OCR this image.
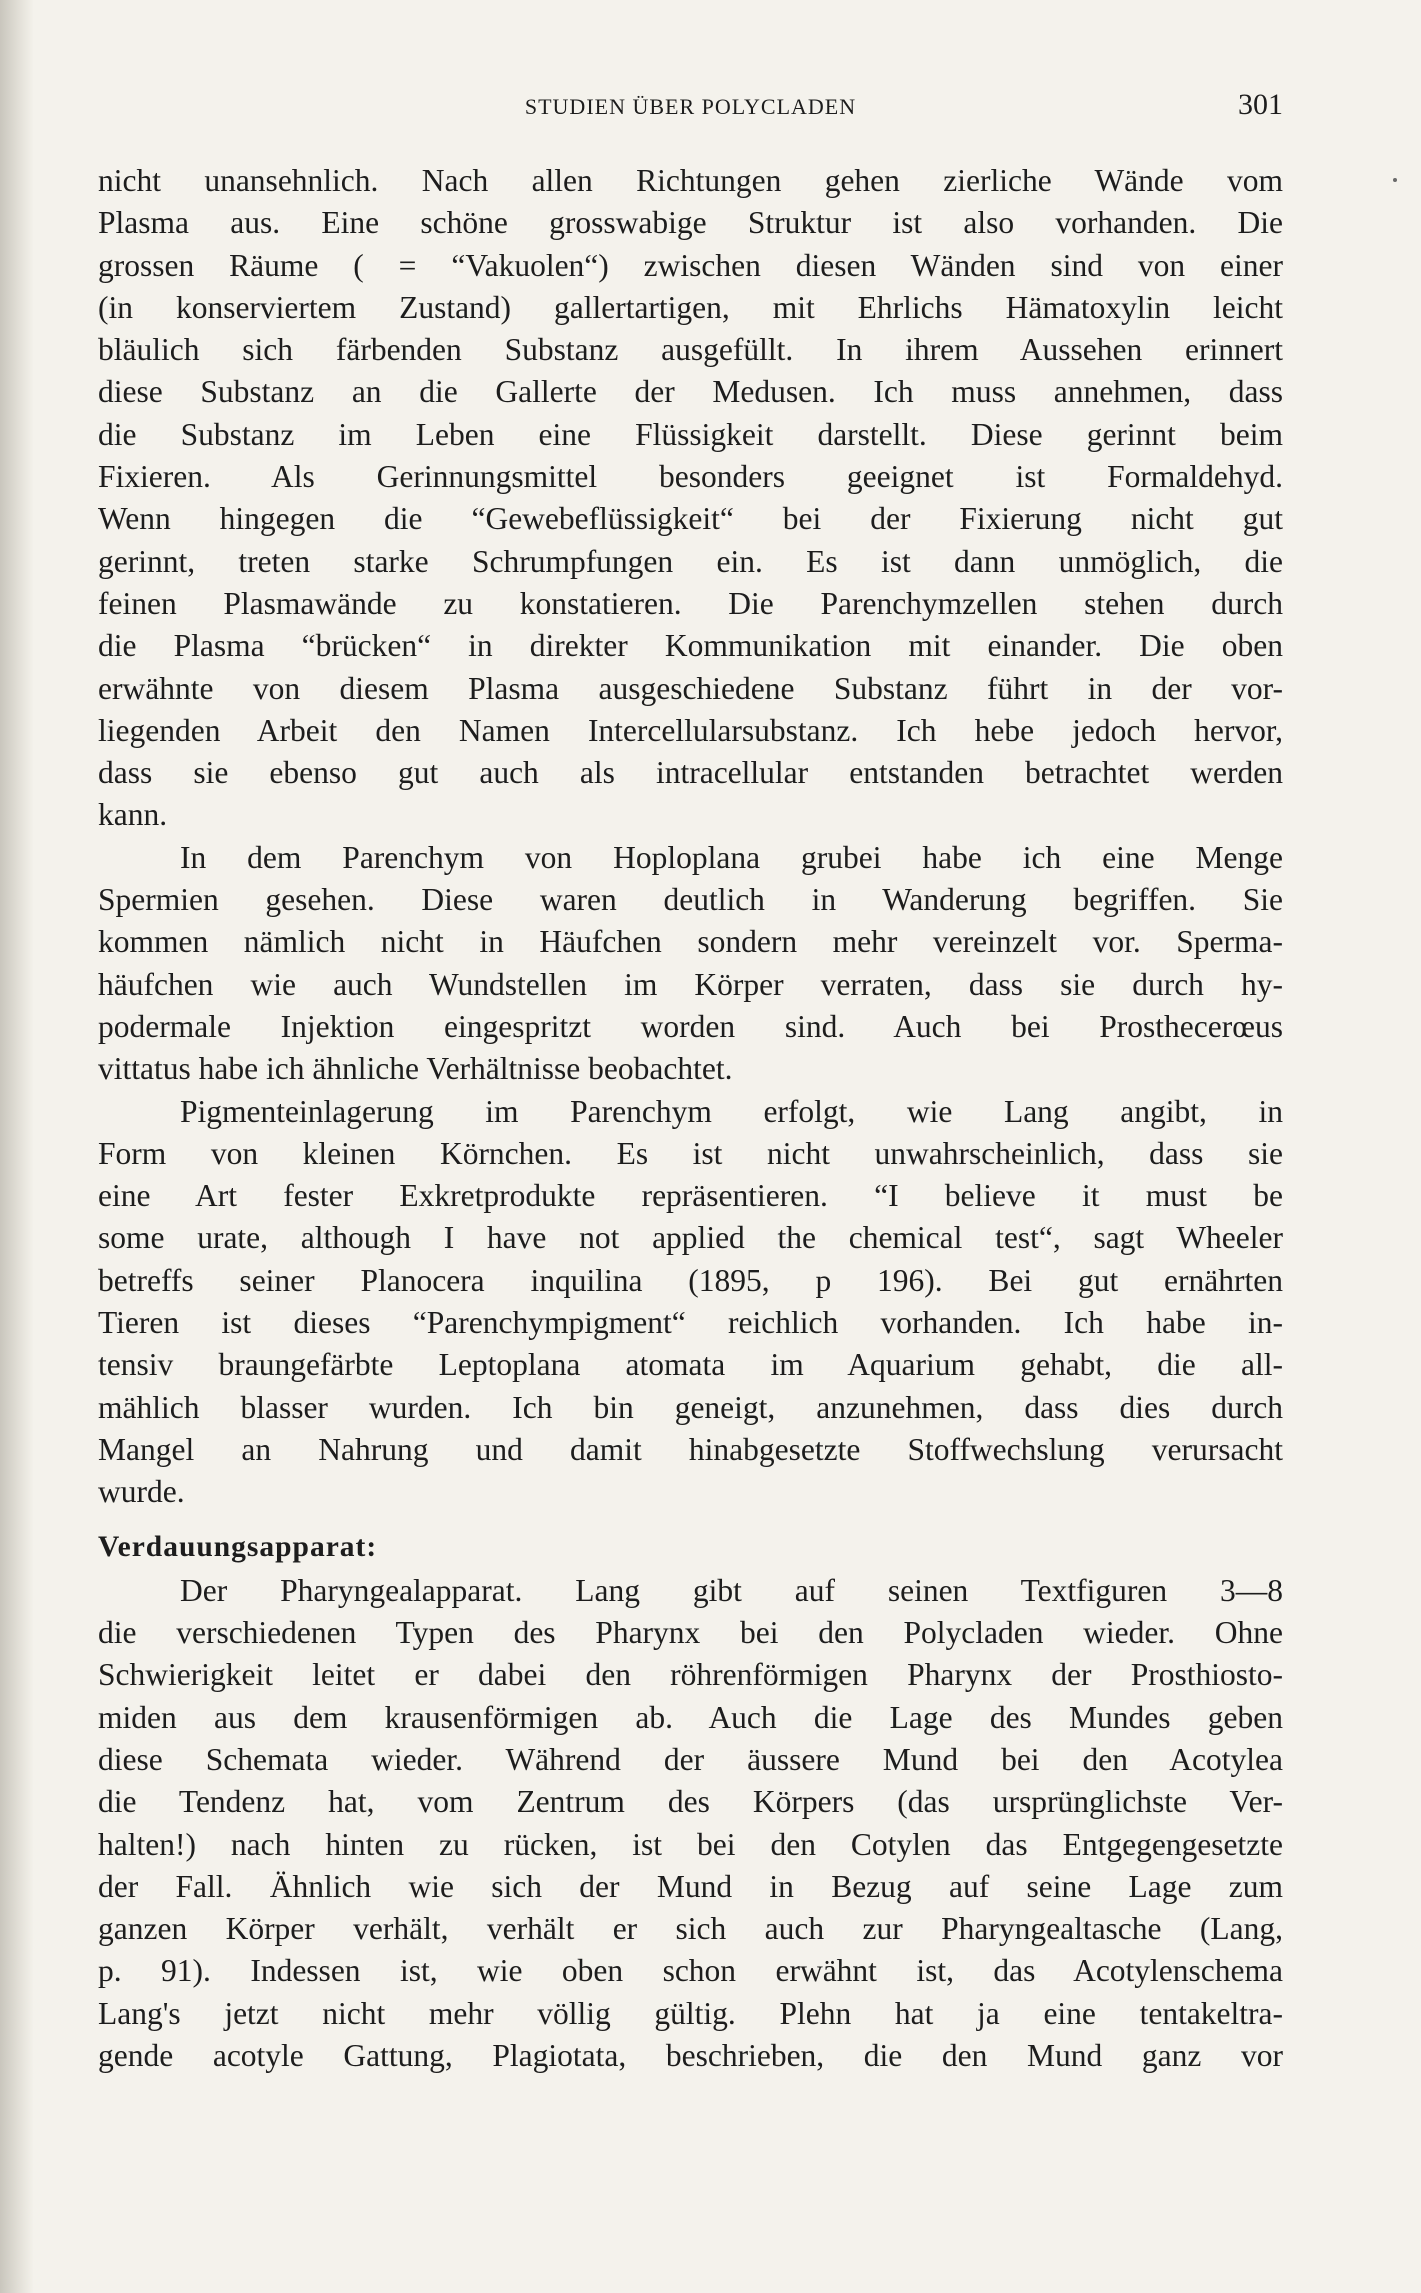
STUDIEN ÜBER POLYCLADEN	301
nicht unansehnlich. Nach allen Richtungen gehen zierliche Wände vom
Plasma aus. Eine schöne grosswabige Struktur ist also vorhanden. Die
grossen Räume ( = “Vakuolen“) zwischen diesen Wänden sind von einer
(in konserviertem Zustand) gallertartigen, mit Ehrlichs Hämatoxylin leicht
bläulich sich färbenden Substanz ausgefüllt. In ihrem Aussehen erinnert
diese Substanz an die Gallerte der Medusen. Ich muss annehmen, dass
die Substanz im Leben eine Flüssigkeit darstellt. Diese gerinnt beim
Fixieren. Als Gerinnungsmittel besonders geeignet ist Formaldehyd.
Wenn hingegen die “Gewebeflüssigkeit“ bei der Fixierung nicht gut
gerinnt, treten starke Schrumpfungen ein. Es ist dann unmöglich, die
feinen Plasmawände zu konstatieren. Die Parenchymzellen stehen durch
die Plasma “brücken“ in direkter Kommunikation mit einander. Die oben
erwähnte von diesem Plasma ausgeschiedene Substanz führt in der vor-
liegenden Arbeit den Namen Intercellularsubstanz. Ich hebe jedoch hervor,
dass sie ebenso gut auch als intracellular entstanden betrachtet werden
kann.
In dem Parenchym von Hoploplana grubei habe ich eine Menge
Spermien gesehen. Diese waren deutlich in Wanderung begriffen. Sie
kommen nämlich nicht in Häufchen sondern mehr vereinzelt vor. Sperma-
häufchen wie auch Wundstellen im Körper verraten, dass sie durch hy-
podermale Injektion eingespritzt worden sind. Auch bei Prosthecerœus
vittatus habe ich ähnliche Verhältnisse beobachtet.
Pigmenteinlagerung im Parenchym erfolgt, wie Lang angibt, in
Form von kleinen Körnchen. Es ist nicht unwahrscheinlich, dass sie
eine Art fester Exkretprodukte repräsentieren. “I believe it must be
some urate, although I have not applied the chemical test“, sagt Wheeler
betreffs seiner Planocera inquilina (1895, p 196). Bei gut ernährten
Tieren ist dieses “Parenchympigment“ reichlich vorhanden. Ich habe in-
tensiv braungefärbte Leptoplana atomata im Aquarium gehabt, die all-
mählich blasser wurden. Ich bin geneigt, anzunehmen, dass dies durch
Mangel an Nahrung und damit hinabgesetzte Stoffwechslung verursacht
wurde.
Verdauungsapparat:
Der Pharyngealapparat. Lang gibt auf seinen Textfiguren 3—8
die verschiedenen Typen des Pharynx bei den Polycladen wieder. Ohne
Schwierigkeit leitet er dabei den röhrenförmigen Pharynx der Prosthiosto-
miden aus dem krausenförmigen ab. Auch die Lage des Mundes geben
diese Schemata wieder. Während der äussere Mund bei den Acotylea
die Tendenz hat, vom Zentrum des Körpers (das ursprünglichste Ver-
halten!) nach hinten zu rücken, ist bei den Cotylen das Entgegengesetzte
der Fall. Ähnlich wie sich der Mund in Bezug auf seine Lage zum
ganzen Körper verhält, verhält er sich auch zur Pharyngealtasche (Lang,
p. 91). Indessen ist, wie oben schon erwähnt ist, das Acotylenschema
Lang's jetzt nicht mehr völlig gültig. Plehn hat ja eine tentakeltra-
gende acotyle Gattung, Plagiotata, beschrieben, die den Mund ganz vor
